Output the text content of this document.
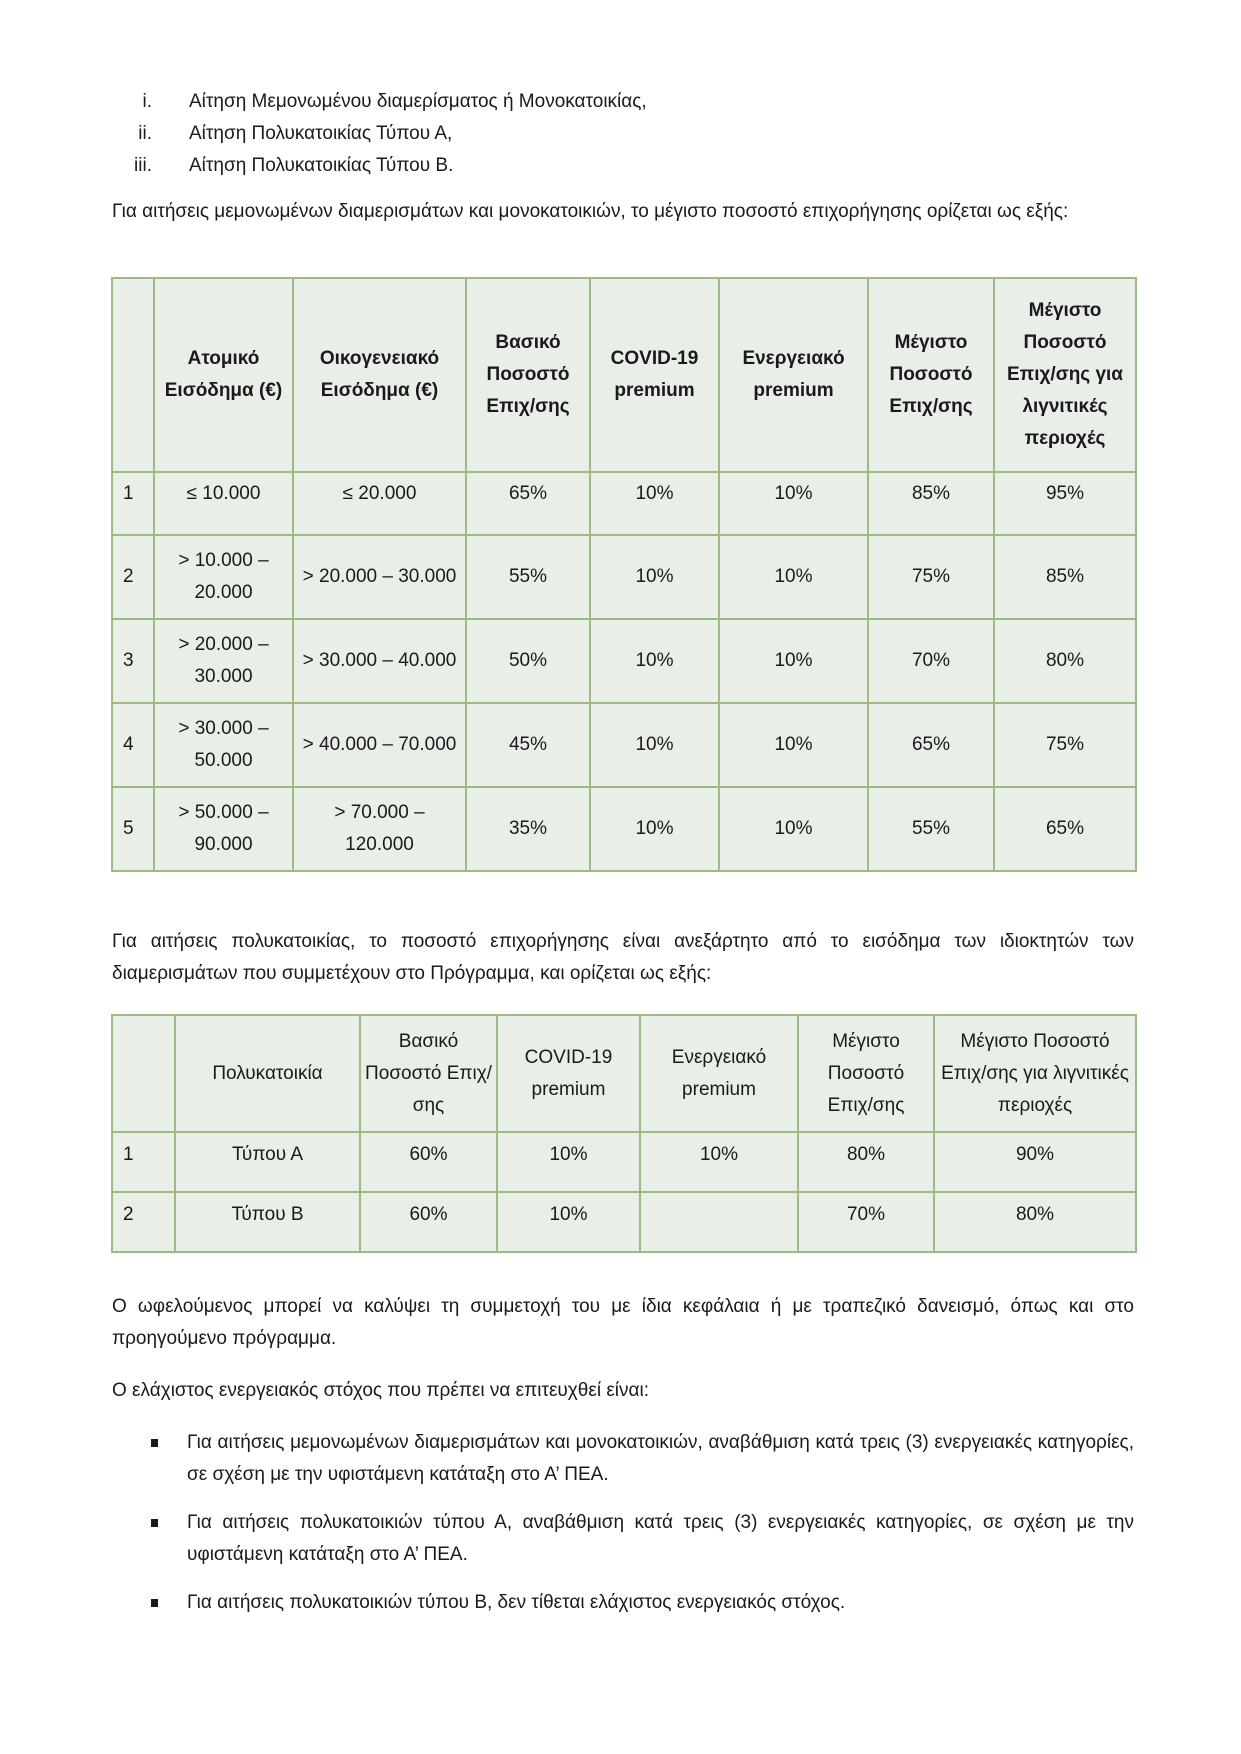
i. Αίτηση Μεμονωμένου διαμερίσματος ή Μονοκατοικίας,
ii. Αίτηση Πολυκατοικίας Τύπου Α,
iii. Αίτηση Πολυκατοικίας Τύπου Β.

Για αιτήσεις μεμονωμένων διαμερισμάτων και μονοκατοικιών, το μέγιστο ποσοστό επιχορήγησης ορίζεται ως εξής:

	Ατομικό Εισόδημα (€)	Οικογενειακό Εισόδημα (€)	Βασικό Ποσοστό Επιχ/σης	COVID-19 premium	Ενεργειακό premium	Μέγιστο Ποσοστό Επιχ/σης	Μέγιστο Ποσοστό Επιχ/σης για λιγνιτικές περιοχές
1	≤ 10.000	≤ 20.000	65%	10%	10%	85%	95%
2	> 10.000 – 20.000	> 20.000 – 30.000	55%	10%	10%	75%	85%
3	> 20.000 – 30.000	> 30.000 – 40.000	50%	10%	10%	70%	80%
4	> 30.000 – 50.000	> 40.000 – 70.000	45%	10%	10%	65%	75%
5	> 50.000 – 90.000	> 70.000 – 120.000	35%	10%	10%	55%	65%

Για αιτήσεις πολυκατοικίας, το ποσοστό επιχορήγησης είναι ανεξάρτητο από το εισόδημα των ιδιοκτητών των διαμερισμάτων που συμμετέχουν στο Πρόγραμμα, και ορίζεται ως εξής:

	Πολυκατοικία	Βασικό Ποσοστό Επιχ/σης	COVID-19 premium	Ενεργειακό premium	Μέγιστο Ποσοστό Επιχ/σης	Μέγιστο Ποσοστό Επιχ/σης για λιγνιτικές περιοχές
1	Τύπου Α	60%	10%	10%	80%	90%
2	Τύπου Β	60%	10%		70%	80%

Ο ωφελούμενος μπορεί να καλύψει τη συμμετοχή του με ίδια κεφάλαια ή με τραπεζικό δανεισμό, όπως και στο προηγούμενο πρόγραμμα.

Ο ελάχιστος ενεργειακός στόχος που πρέπει να επιτευχθεί είναι:

Για αιτήσεις μεμονωμένων διαμερισμάτων και μονοκατοικιών, αναβάθμιση κατά τρεις (3) ενεργειακές κατηγορίες, σε σχέση με την υφιστάμενη κατάταξη στο Α’ ΠΕΑ.
Για αιτήσεις πολυκατοικιών τύπου Α, αναβάθμιση κατά τρεις (3) ενεργειακές κατηγορίες, σε σχέση με την υφιστάμενη κατάταξη στο Α’ ΠΕΑ.
Για αιτήσεις πολυκατοικιών τύπου Β, δεν τίθεται ελάχιστος ενεργειακός στόχος.
